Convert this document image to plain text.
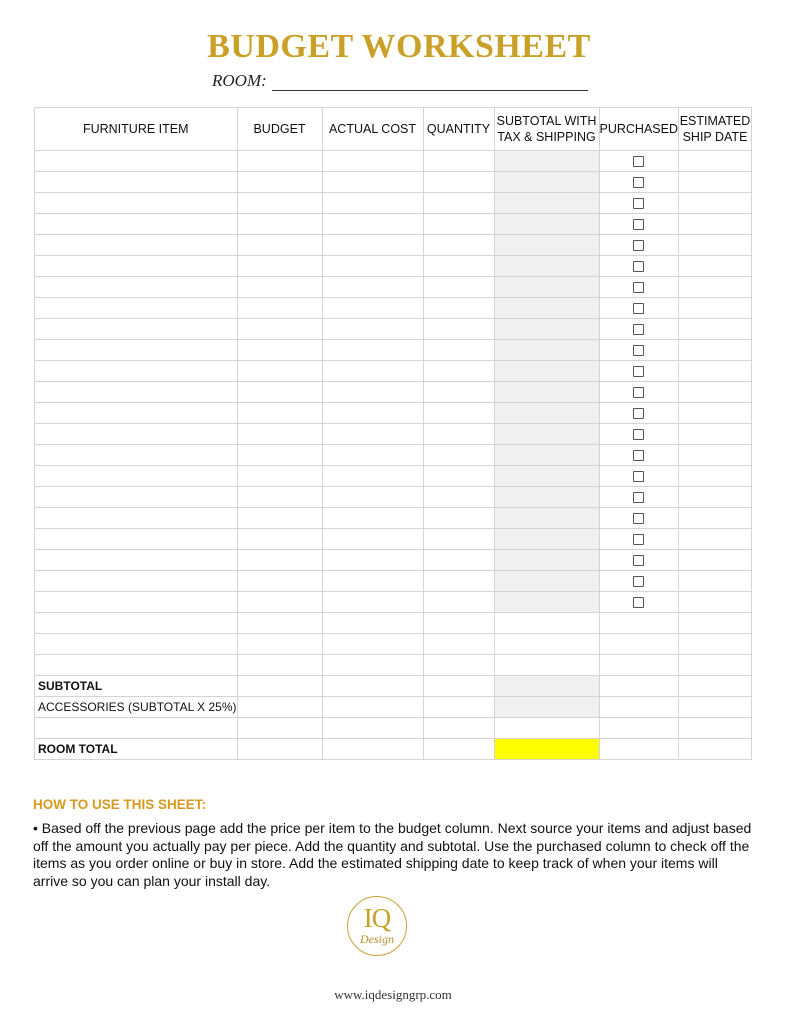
BUDGET WORKSHEET
ROOM:
FURNITURE ITEM	BUDGET	ACTUAL COST	QUANTITY	SUBTOTAL WITH TAX & SHIPPING	PURCHASED	ESTIMATED SHIP DATE

SUBTOTAL						
ACCESSORIES (SUBTOTAL X 25%)						

ROOM TOTAL						
HOW TO USE THIS SHEET:
• Based off the previous page add the price per item to the budget column. Next source your items and adjust based off the amount you actually pay per piece. Add the quantity and subtotal. Use the purchased column to check off the items as you order online or buy in store. Add the estimated shipping date to keep track of when your items will arrive so you can plan your install day.
IQ
Design
www.iqdesigngrp.com
